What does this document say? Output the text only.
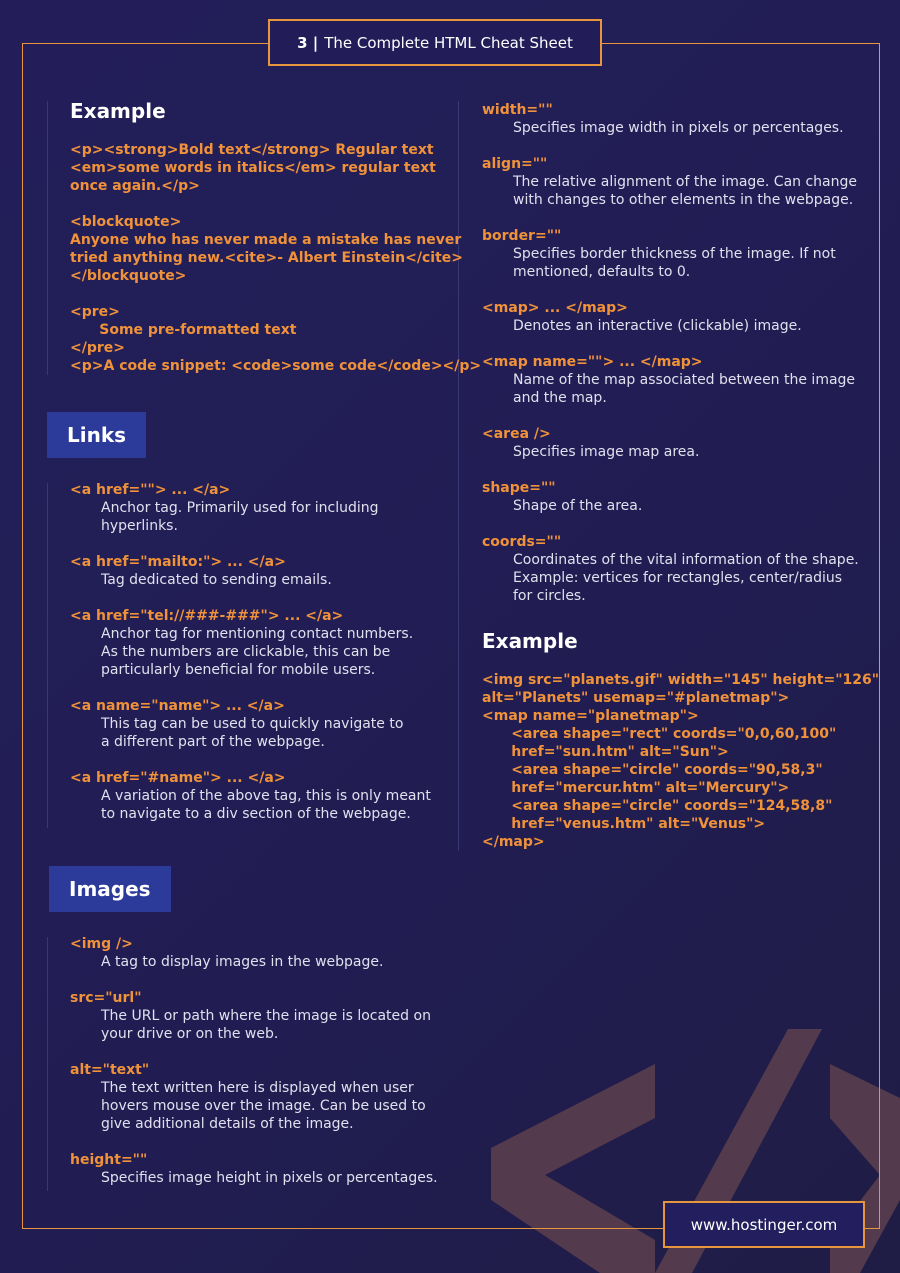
3 | The Complete HTML Cheat Sheet
Example
<p><strong>Bold text</strong> Regular text
<em>some words in italics</em> regular text
once again.</p>
<blockquote>
Anyone who has never made a mistake has never
tried anything new.<cite>- Albert Einstein</cite>
</blockquote>
<pre>
Some pre-formatted text
</pre>
<p>A code snippet: <code>some code</code></p>
Links
<a href=""> ... </a>
Anchor tag. Primarily used for including
hyperlinks.
<a href="mailto:"> ... </a>
Tag dedicated to sending emails.
<a href="tel://###-###"> ... </a>
Anchor tag for mentioning contact numbers.
As the numbers are clickable, this can be
particularly beneficial for mobile users.
<a name="name"> ... </a>
This tag can be used to quickly navigate to
a different part of the webpage.
<a href="#name"> ... </a>
A variation of the above tag, this is only meant
to navigate to a div section of the webpage.
Images
<img />
A tag to display images in the webpage.
src="url"
The URL or path where the image is located on
your drive or on the web.
alt="text"
The text written here is displayed when user
hovers mouse over the image. Can be used to
give additional details of the image.
height=""
Specifies image height in pixels or percentages.
width=""
Specifies image width in pixels or percentages.
align=""
The relative alignment of the image. Can change
with changes to other elements in the webpage.
border=""
Specifies border thickness of the image. If not
mentioned, defaults to 0.
<map> ... </map>
Denotes an interactive (clickable) image.
<map name=""> ... </map>
Name of the map associated between the image
and the map.
<area />
Specifies image map area.
shape=""
Shape of the area.
coords=""
Coordinates of the vital information of the shape.
Example: vertices for rectangles, center/radius
for circles.
Example
<img src="planets.gif" width="145" height="126"
alt="Planets" usemap="#planetmap">
<map name="planetmap">
<area shape="rect" coords="0,0,60,100"
href="sun.htm" alt="Sun">
<area shape="circle" coords="90,58,3"
href="mercur.htm" alt="Mercury">
<area shape="circle" coords="124,58,8"
href="venus.htm" alt="Venus">
</map>
www.hostinger.com
